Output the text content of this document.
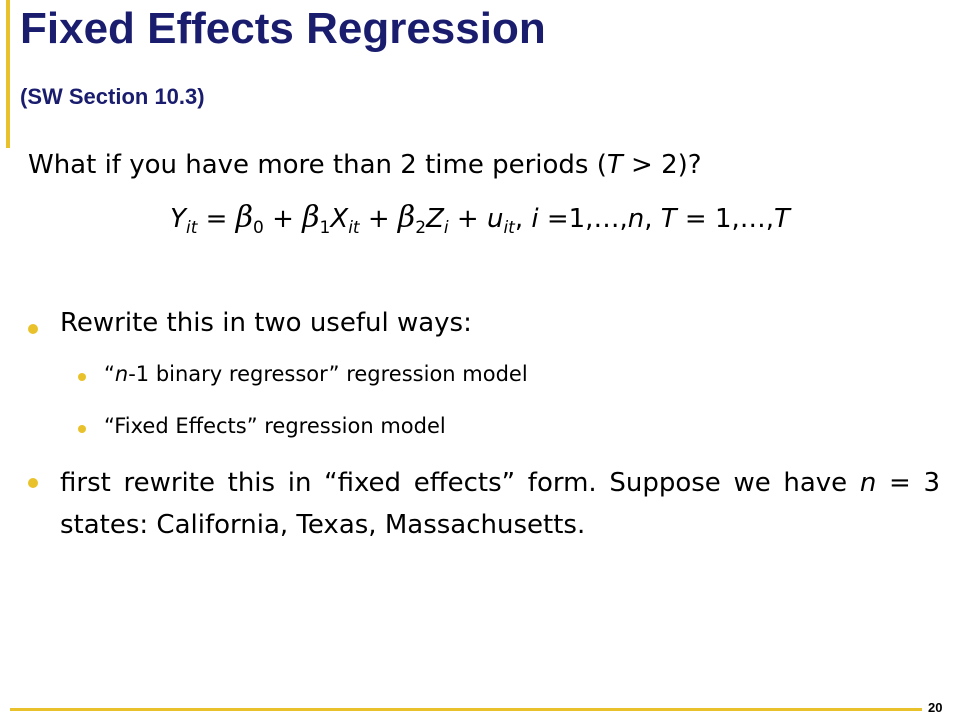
Fixed Effects Regression
(SW Section 10.3)
What if you have more than 2 time periods (T > 2)?
$Y_{it} = \beta_0 + \beta_1X_{it} + \beta_2Z_i + u_{it}$, i =1,…,n, T = 1,…,T
Rewrite this in two useful ways:
“n-1 binary regressor” regression model
“Fixed Effects” regression model
first rewrite this in “fixed effects” form. Suppose we have n = 3 states: California, Texas, Massachusetts.
20
